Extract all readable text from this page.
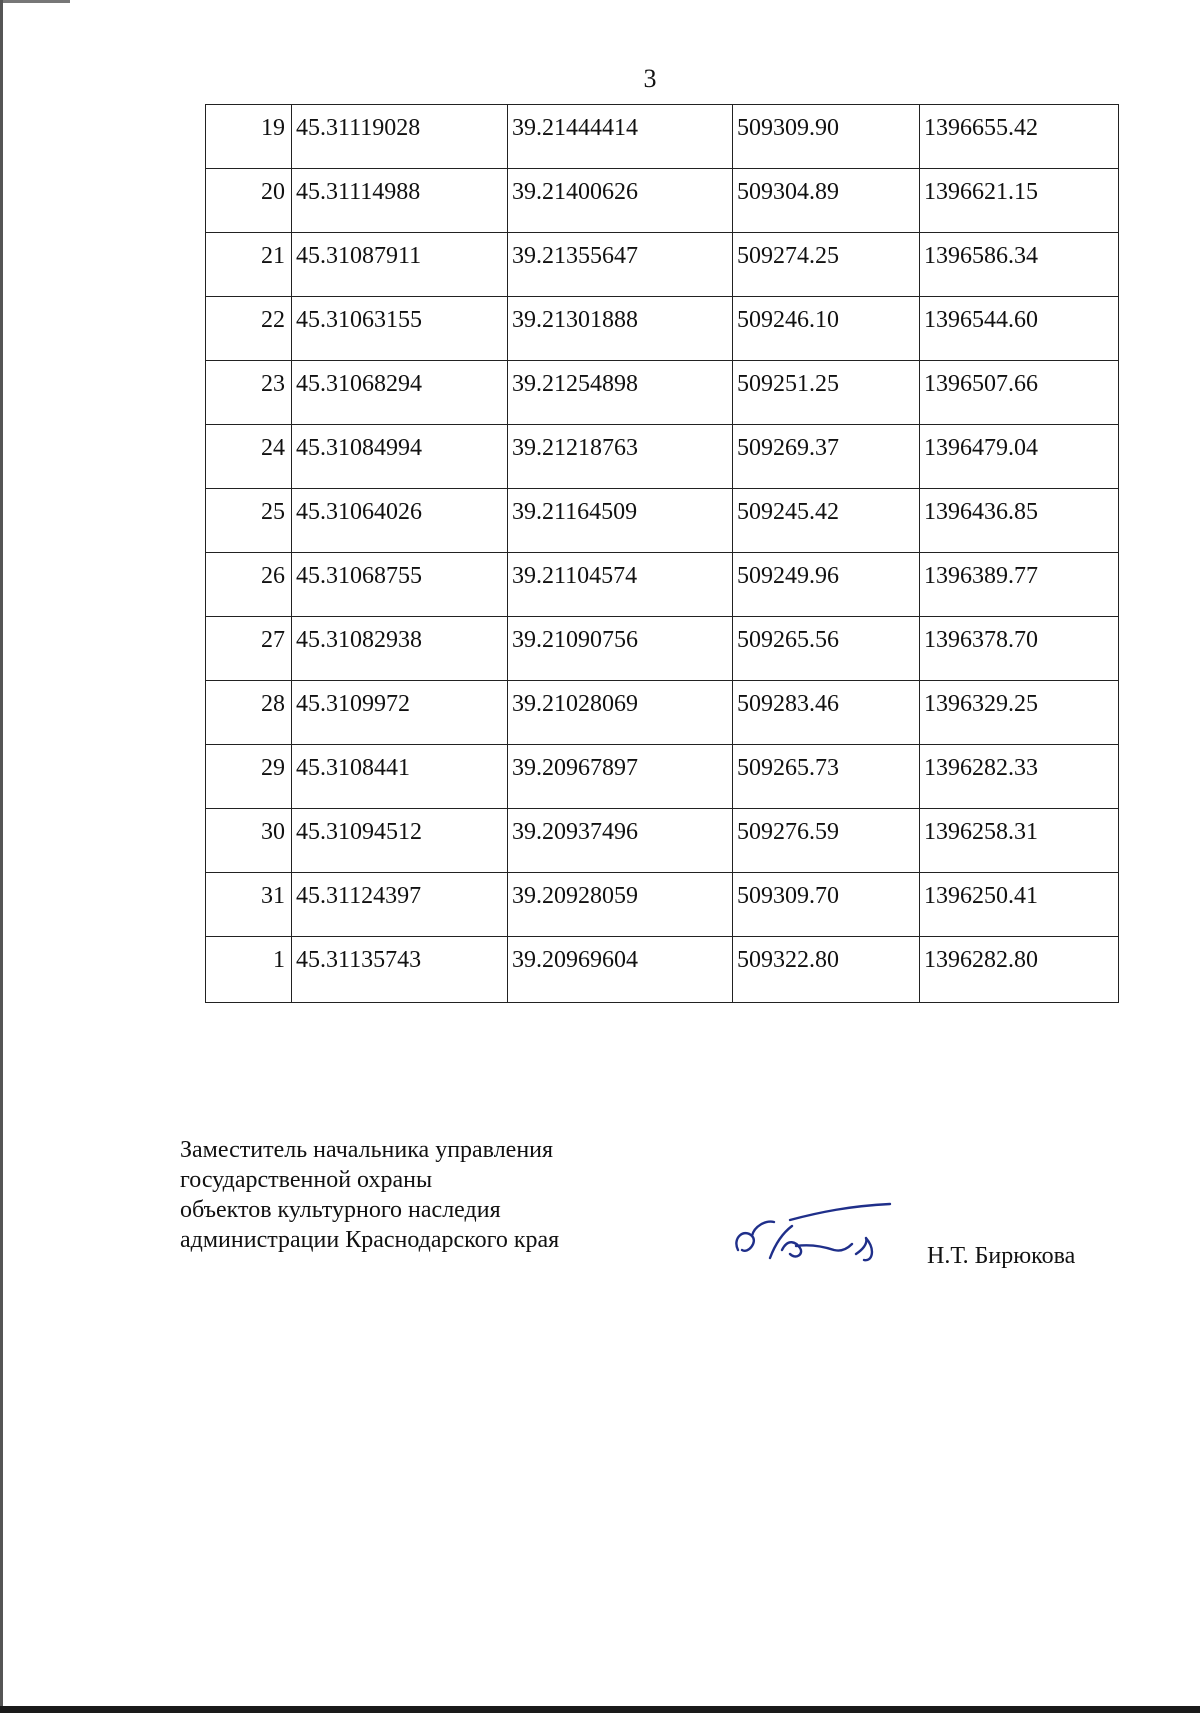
3
19	45.31119028	39.21444414	509309.90	1396655.42
20	45.31114988	39.21400626	509304.89	1396621.15
21	45.31087911	39.21355647	509274.25	1396586.34
22	45.31063155	39.21301888	509246.10	1396544.60
23	45.31068294	39.21254898	509251.25	1396507.66
24	45.31084994	39.21218763	509269.37	1396479.04
25	45.31064026	39.21164509	509245.42	1396436.85
26	45.31068755	39.21104574	509249.96	1396389.77
27	45.31082938	39.21090756	509265.56	1396378.70
28	45.3109972	39.21028069	509283.46	1396329.25
29	45.3108441	39.20967897	509265.73	1396282.33
30	45.31094512	39.20937496	509276.59	1396258.31
31	45.31124397	39.20928059	509309.70	1396250.41
1	45.31135743	39.20969604	509322.80	1396282.80
Заместитель начальника управления
государственной охраны
объектов культурного наследия
администрации Краснодарского края
Н.Т. Бирюкова
